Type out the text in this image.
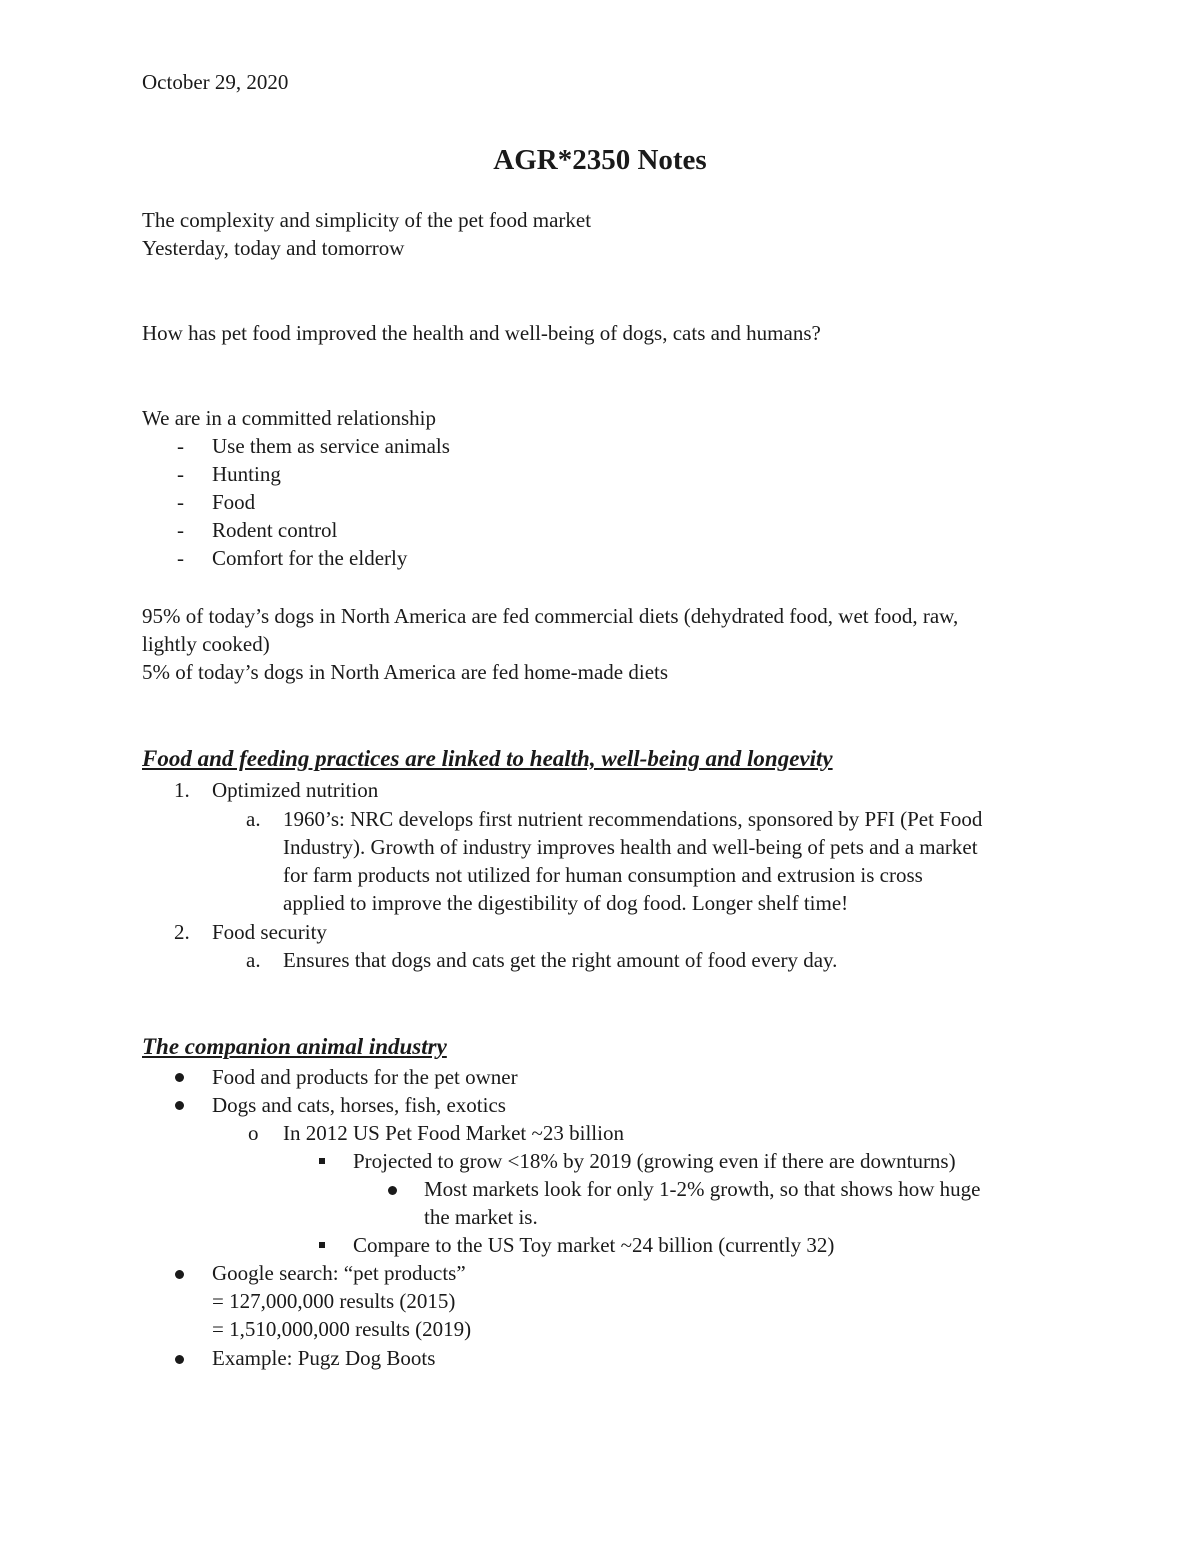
October 29, 2020
AGR*2350 Notes
The complexity and simplicity of the pet food market
Yesterday, today and tomorrow
How has pet food improved the health and well-being of dogs, cats and humans?
We are in a committed relationship
- Use them as service animals
- Hunting
- Food
- Rodent control
- Comfort for the elderly
95% of today’s dogs in North America are fed commercial diets (dehydrated food, wet food, raw,
lightly cooked)
5% of today’s dogs in North America are fed home-made diets
Food and feeding practices are linked to health, well-being and longevity
1. Optimized nutrition
a. 1960’s: NRC develops first nutrient recommendations, sponsored by PFI (Pet Food
Industry). Growth of industry improves health and well-being of pets and a market
for farm products not utilized for human consumption and extrusion is cross
applied to improve the digestibility of dog food. Longer shelf time!
2. Food security
a. Ensures that dogs and cats get the right amount of food every day.
The companion animal industry
Food and products for the pet owner
Dogs and cats, horses, fish, exotics
o In 2012 US Pet Food Market ~23 billion
Projected to grow <18% by 2019 (growing even if there are downturns)
Most markets look for only 1-2% growth, so that shows how huge
the market is.
Compare to the US Toy market ~24 billion (currently 32)
Google search: “pet products”
= 127,000,000 results (2015)
= 1,510,000,000 results (2019)
Example: Pugz Dog Boots
